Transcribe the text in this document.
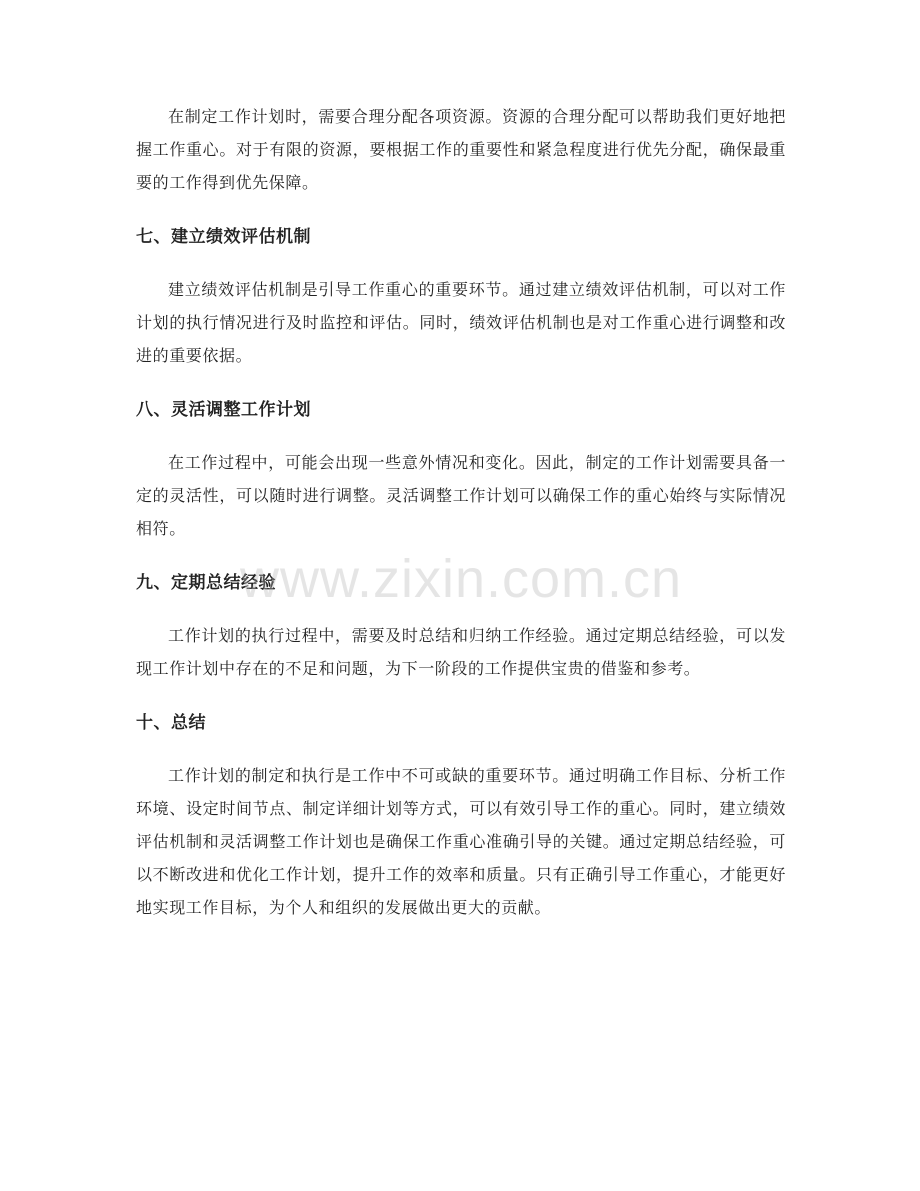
在制定工作计划时，需要合理分配各项资源。资源的合理分配可以帮助我们更好地把握工作重心。对于有限的资源，要根据工作的重要性和紧急程度进行优先分配，确保最重要的工作得到优先保障。

七、建立绩效评估机制

建立绩效评估机制是引导工作重心的重要环节。通过建立绩效评估机制，可以对工作计划的执行情况进行及时监控和评估。同时，绩效评估机制也是对工作重心进行调整和改进的重要依据。

八、灵活调整工作计划

在工作过程中，可能会出现一些意外情况和变化。因此，制定的工作计划需要具备一定的灵活性，可以随时进行调整。灵活调整工作计划可以确保工作的重心始终与实际情况相符。

九、定期总结经验

工作计划的执行过程中，需要及时总结和归纳工作经验。通过定期总结经验，可以发现工作计划中存在的不足和问题，为下一阶段的工作提供宝贵的借鉴和参考。

十、总结

工作计划的制定和执行是工作中不可或缺的重要环节。通过明确工作目标、分析工作环境、设定时间节点、制定详细计划等方式，可以有效引导工作的重心。同时，建立绩效评估机制和灵活调整工作计划也是确保工作重心准确引导的关键。通过定期总结经验，可以不断改进和优化工作计划，提升工作的效率和质量。只有正确引导工作重心，才能更好地实现工作目标，为个人和组织的发展做出更大的贡献。

www.zixin.com.cn
